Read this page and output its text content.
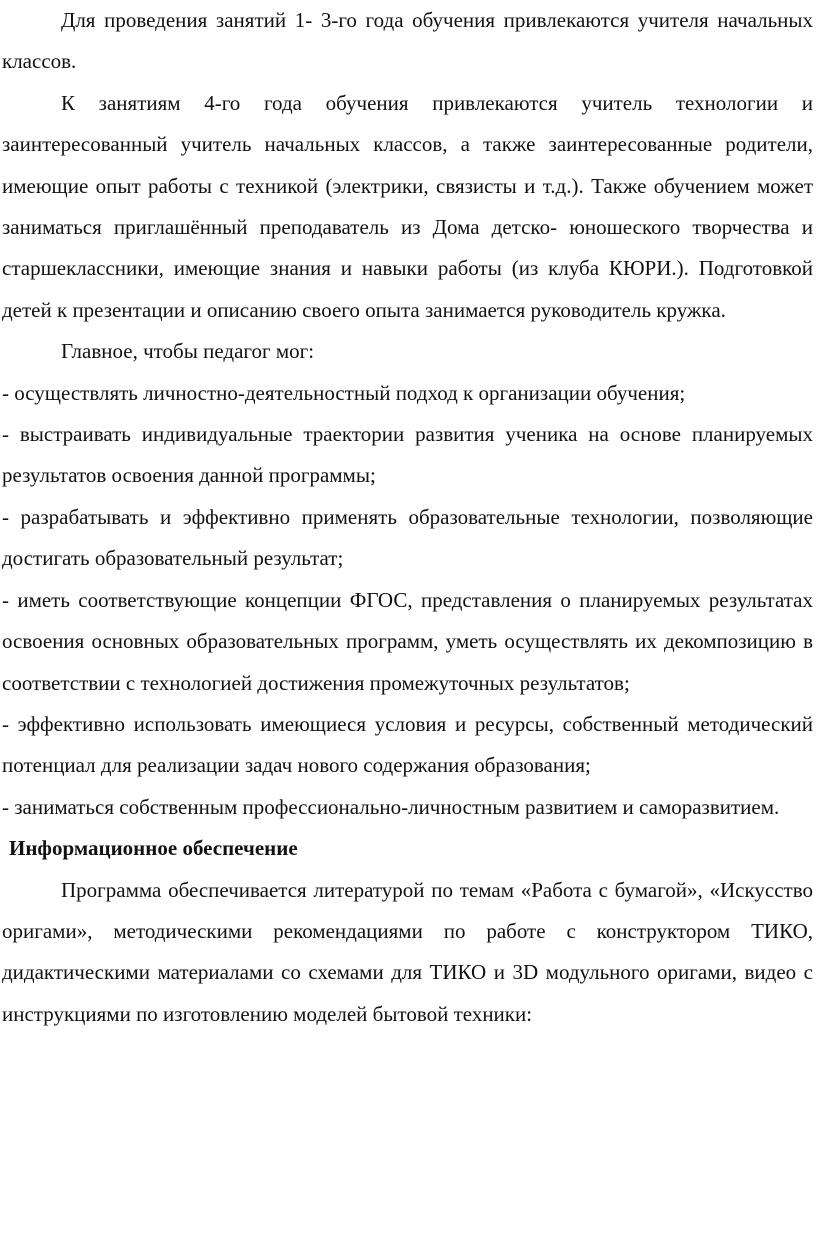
Для проведения занятий 1- 3-го года обучения привлекаются учителя начальных классов.

К занятиям 4-го года обучения привлекаются учитель технологии и заинтересованный учитель начальных классов, а также заинтересованные родители, имеющие опыт работы с техникой (электрики, связисты и т.д.). Также обучением может заниматься приглашённый преподаватель из Дома детско- юношеского творчества и старшеклассники, имеющие знания и навыки работы (из клуба КЮРИ.). Подготовкой детей к презентации и описанию своего опыта занимается руководитель кружка.

Главное, чтобы педагог мог:

- осуществлять личностно-деятельностный подход к организации обучения;

- выстраивать индивидуальные траектории развития ученика на основе планируемых результатов освоения данной программы;

- разрабатывать и эффективно применять образовательные технологии, позволяющие достигать образовательный результат;

- иметь соответствующие концепции ФГОС, представления о планируемых результатах освоения основных образовательных программ, уметь осуществлять их декомпозицию в соответствии с технологией достижения промежуточных результатов;

- эффективно использовать имеющиеся условия и ресурсы, собственный методический потенциал для реализации задач нового содержания образования;

- заниматься собственным профессионально-личностным развитием и саморазвитием.

Информационное обеспечение

Программа обеспечивается литературой по темам «Работа с бумагой», «Искусство оригами», методическими рекомендациями по работе с конструктором ТИКО, дидактическими материалами со схемами для ТИКО и 3D модульного оригами, видео с инструкциями по изготовлению моделей бытовой техники:
